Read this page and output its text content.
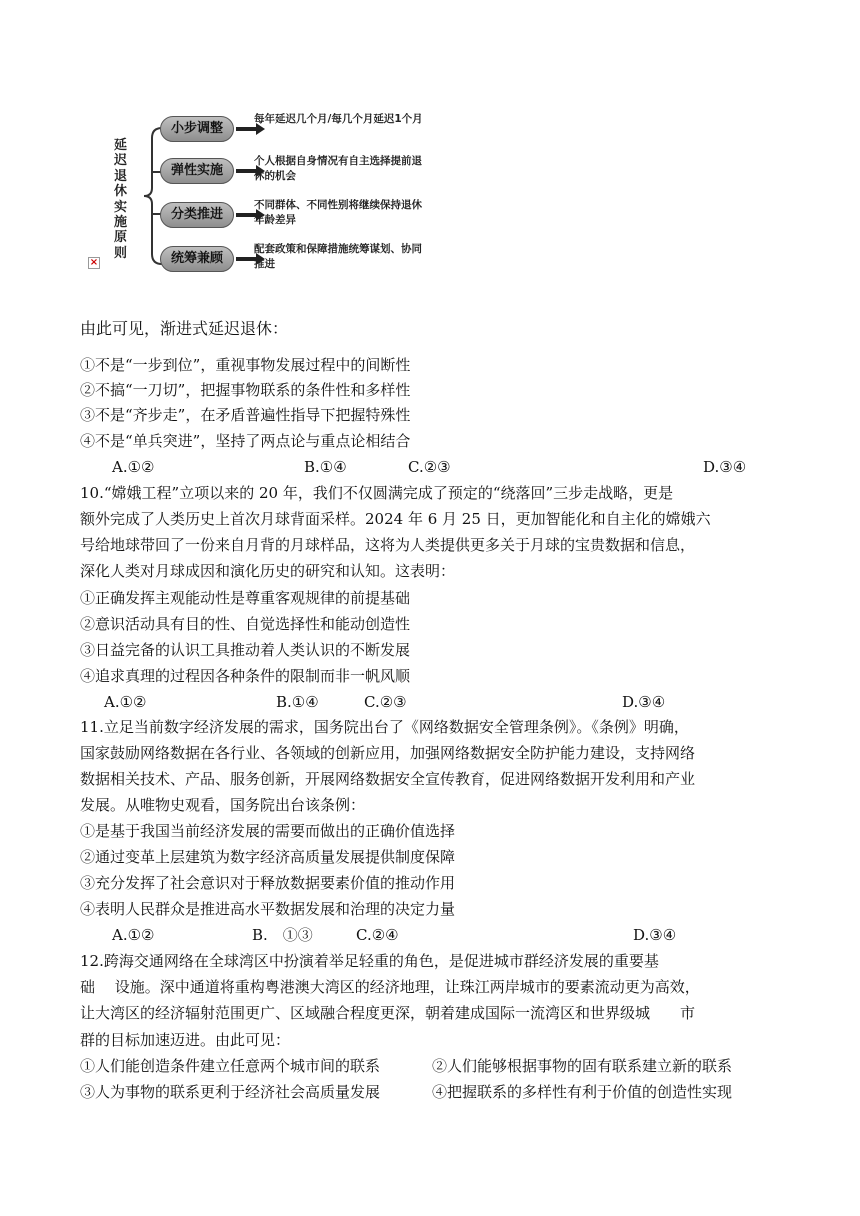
延迟退休实施原则
小步调整
每年延迟几个月/每几个月延迟1个月
弹性实施
个人根据自身情况有自主选择提前退休的机会
分类推进
不同群体、不同性别将继续保持退休年龄差异
统筹兼顾
配套政策和保障措施统筹谋划、协同推进
×
由此可见，渐进式延迟退休：
①不是“一步到位”，重视事物发展过程中的间断性
②不搞“一刀切”，把握事物联系的条件性和多样性
③不是“齐步走”，在矛盾普遍性指导下把握特殊性
④不是“单兵突进”，坚持了两点论与重点论相结合
A.①②	B.①④	C.②③	D.③④
10.“嫦娥工程”立项以来的 20 年，我们不仅圆满完成了预定的“绕落回”三步走战略，更是
额外完成了人类历史上首次月球背面采样。2024 年 6 月 25 日，更加智能化和自主化的嫦娥六
号给地球带回了一份来自月背的月球样品，这将为人类提供更多关于月球的宝贵数据和信息，
深化人类对月球成因和演化历史的研究和认知。这表明：
①正确发挥主观能动性是尊重客观规律的前提基础
②意识活动具有目的性、自觉选择性和能动创造性
③日益完备的认识工具推动着人类认识的不断发展
④追求真理的过程因各种条件的限制而非一帆风顺
A.①②	B.①④	C.②③	D.③④
11.立足当前数字经济发展的需求，国务院出台了《网络数据安全管理条例》。《条例》明确，
国家鼓励网络数据在各行业、各领域的创新应用，加强网络数据安全防护能力建设，支持网络
数据相关技术、产品、服务创新，开展网络数据安全宣传教育，促进网络数据开发利用和产业
发展。从唯物史观看，国务院出台该条例：
①是基于我国当前经济发展的需要而做出的正确价值选择
②通过变革上层建筑为数字经济高质量发展提供制度保障
③充分发挥了社会意识对于释放数据要素价值的推动作用
④表明人民群众是推进高水平数据发展和治理的决定力量
A.①②	B.　①③	C.②④	D.③④
12.跨海交通网络在全球湾区中扮演着举足轻重的角色，是促进城市群经济发展的重要基
础　 设施。深中通道将重构粤港澳大湾区的经济地理，让珠江两岸城市的要素流动更为高效，
让大湾区的经济辐射范围更广、区域融合程度更深，朝着建成国际一流湾区和世界级城　　市
群的目标加速迈进。由此可见：
①人们能创造条件建立任意两个城市间的联系	②人们能够根据事物的固有联系建立新的联系
③人为事物的联系更利于经济社会高质量发展	④把握联系的多样性有利于价值的创造性实现
